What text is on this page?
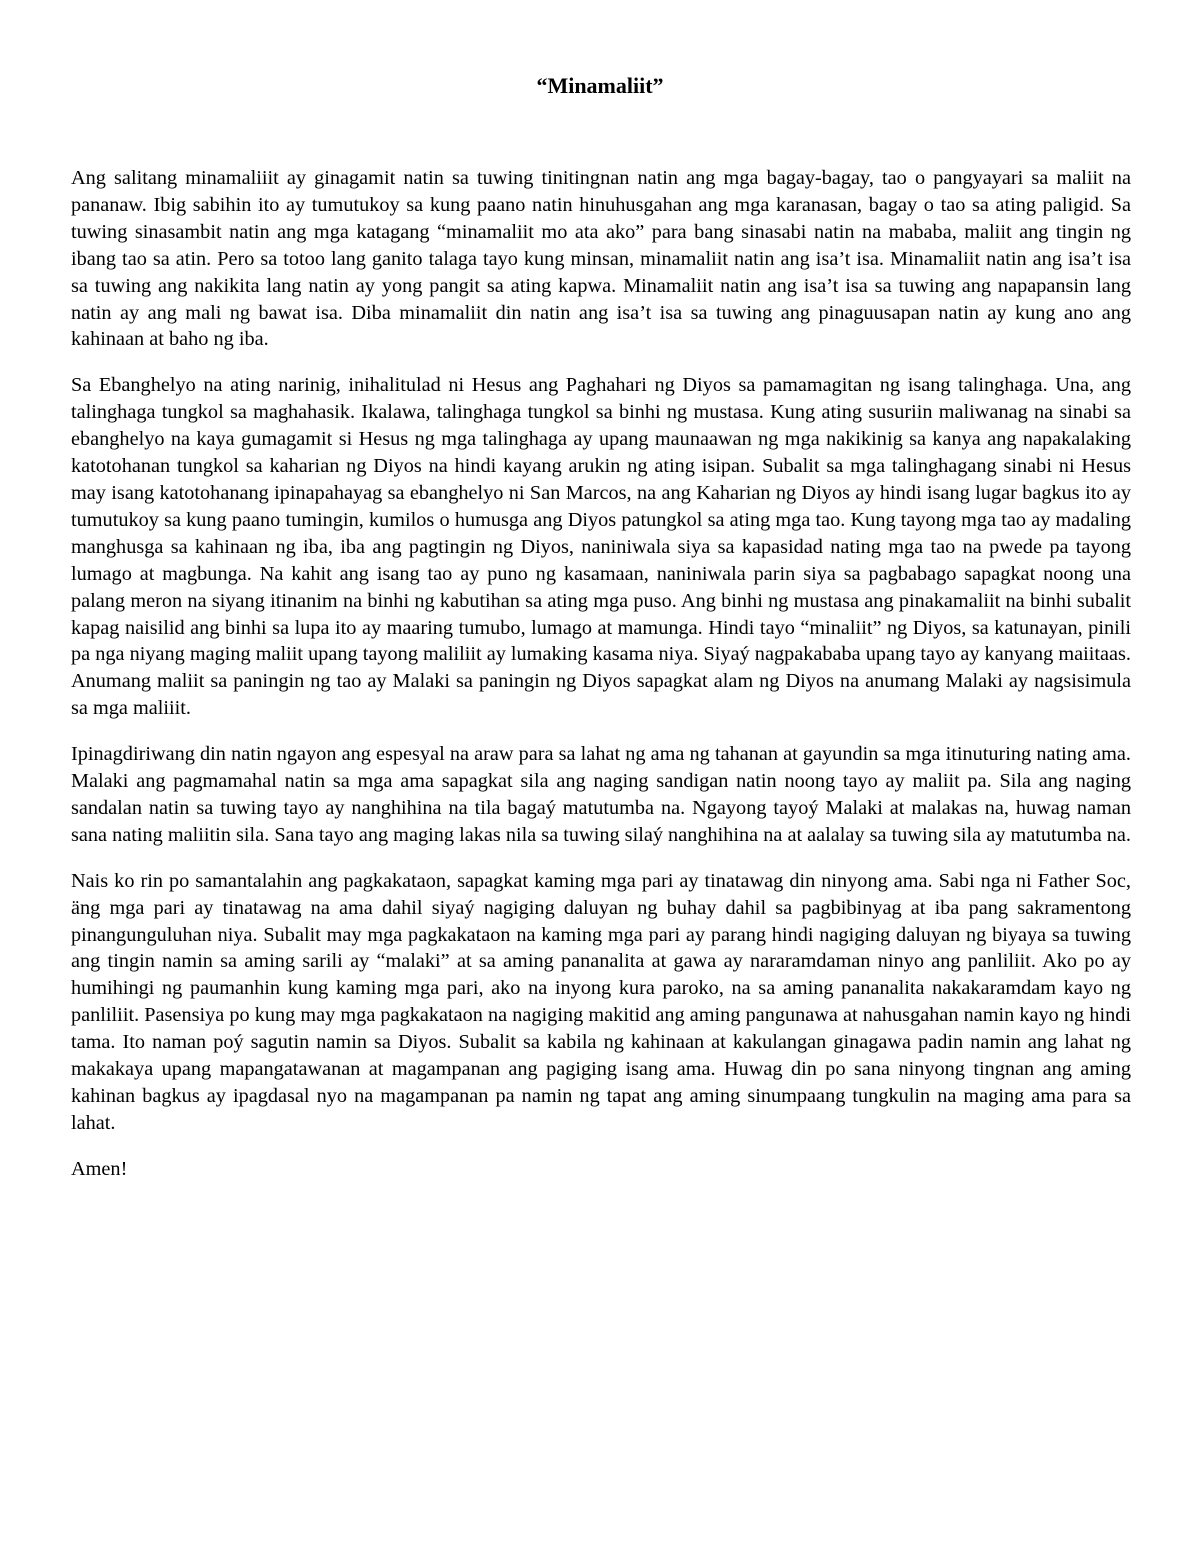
“Minamaliit”

Ang salitang minamaliiit ay ginagamit natin sa tuwing tinitingnan natin ang mga bagay-bagay, tao o pangyayari sa maliit na pananaw. Ibig sabihin ito ay tumutukoy sa kung paano natin hinuhusgahan ang mga karanasan, bagay o tao sa ating paligid. Sa tuwing sinasambit natin ang mga katagang “minamaliit mo ata ako” para bang sinasabi natin na mababa, maliit ang tingin ng ibang tao sa atin. Pero sa totoo lang ganito talaga tayo kung minsan, minamaliit natin ang isa’t isa. Minamaliit natin ang isa’t isa sa tuwing ang nakikita lang natin ay yong pangit sa ating kapwa. Minamaliit natin ang isa’t isa sa tuwing ang napapansin lang natin ay ang mali ng bawat isa. Diba minamaliit din natin ang isa’t isa sa tuwing ang pinaguusapan natin ay kung ano ang kahinaan at baho ng iba.

Sa Ebanghelyo na ating narinig, inihalitulad ni Hesus ang Paghahari ng Diyos sa pamamagitan ng isang talinghaga. Una, ang talinghaga tungkol sa maghahasik. Ikalawa, talinghaga tungkol sa binhi ng mustasa. Kung ating susuriin maliwanag na sinabi sa ebanghelyo na kaya gumagamit si Hesus ng mga talinghaga ay upang maunaawan ng mga nakikinig sa kanya ang napakalaking katotohanan tungkol sa kaharian ng Diyos na hindi kayang arukin ng ating isipan. Subalit sa mga talinghagang sinabi ni Hesus may isang katotohanang ipinapahayag sa ebanghelyo ni San Marcos, na ang Kaharian ng Diyos ay hindi isang lugar bagkus ito ay tumutukoy sa kung paano tumingin, kumilos o humusga ang Diyos patungkol sa ating mga tao. Kung tayong mga tao ay madaling manghusga sa kahinaan ng iba, iba ang pagtingin ng Diyos, naniniwala siya sa kapasidad nating mga tao na pwede pa tayong lumago at magbunga. Na kahit ang isang tao ay puno ng kasamaan, naniniwala parin siya sa pagbabago sapagkat noong una palang meron na siyang itinanim na binhi ng kabutihan sa ating mga puso. Ang binhi ng mustasa ang pinakamaliit na binhi subalit kapag naisilid ang binhi sa lupa ito ay maaring tumubo, lumago at mamunga. Hindi tayo “minaliit” ng Diyos, sa katunayan, pinili pa nga niyang maging maliit upang tayong maliliit ay lumaking kasama niya. Siyaý nagpakababa upang tayo ay kanyang maiitaas. Anumang maliit sa paningin ng tao ay Malaki sa paningin ng Diyos sapagkat alam ng Diyos na anumang Malaki ay nagsisimula sa mga maliiit.

Ipinagdiriwang din natin ngayon ang espesyal na araw para sa lahat ng ama ng tahanan at gayundin sa mga itinuturing nating ama. Malaki ang pagmamahal natin sa mga ama sapagkat sila ang naging sandigan natin noong tayo ay maliit pa. Sila ang naging sandalan natin sa tuwing tayo ay nanghihina na tila bagaý matutumba na. Ngayong tayoý Malaki at malakas na, huwag naman sana nating maliitin sila. Sana tayo ang maging lakas nila sa tuwing silaý nanghihina na at aalalay sa tuwing sila ay matutumba na.

Nais ko rin po samantalahin ang pagkakataon, sapagkat kaming mga pari ay tinatawag din ninyong ama. Sabi nga ni Father Soc, äng mga pari ay tinatawag na ama dahil siyaý nagiging daluyan ng buhay dahil sa pagbibinyag at iba pang sakramentong pinangunguluhan niya. Subalit may mga pagkakataon na kaming mga pari ay parang hindi nagiging daluyan ng biyaya sa tuwing ang tingin namin sa aming sarili ay “malaki” at sa aming pananalita at gawa ay nararamdaman ninyo ang panliliit. Ako po ay humihingi ng paumanhin kung kaming mga pari, ako na inyong kura paroko, na sa aming pananalita nakakaramdam kayo ng panliliit. Pasensiya po kung may mga pagkakataon na nagiging makitid ang aming pangunawa at nahusgahan namin kayo ng hindi tama. Ito naman poý sagutin namin sa Diyos. Subalit sa kabila ng kahinaan at kakulangan ginagawa padin namin ang lahat ng makakaya upang mapangatawanan at magampanan ang pagiging isang ama. Huwag din po sana ninyong tingnan ang aming kahinan bagkus ay ipagdasal nyo na magampanan pa namin ng tapat ang aming sinumpaang tungkulin na maging ama para sa lahat.

Amen!
